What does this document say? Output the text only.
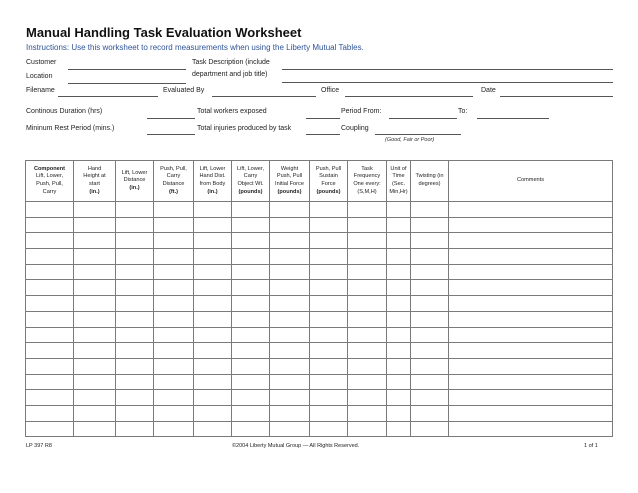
Manual Handling Task Evaluation Worksheet
Instructions: Use this worksheet to record measurements when using the Liberty Mutual Tables.
Customer	Task Description (include
department and job title)
Location
Filename	Evaluated By	Office	Date
Continous Duration (hrs)	Total workers exposed	Period From:	To:
Mininum Rest Period (mins.)	Total injuries produced by task	Coupling
(Good, Fair or Poor)
Component
Lift, Lower,
Push, Pull,
Carry	Hand
Height at
start
(in.)	Lift, Lower
Distance
(in.)	Push, Pull,
Carry
Distance
(ft.)	Lift, Lower
Hand Dist.
from Body
(in.)	Lift, Lower,
Carry
Object Wt.
(pounds)	Weight
Push, Pull
Initial Force
(pounds)	Push, Pull
Sustain
Force
(pounds)	Task
Frequency
One every:
(S,M,H)	Unit of
Time
(Sec.
Min,Hr)	Twisting (in
degrees)	Comments

LP 397 R8	©2004 Liberty Mutual Group — All Rights Reserved.	1 of 1
